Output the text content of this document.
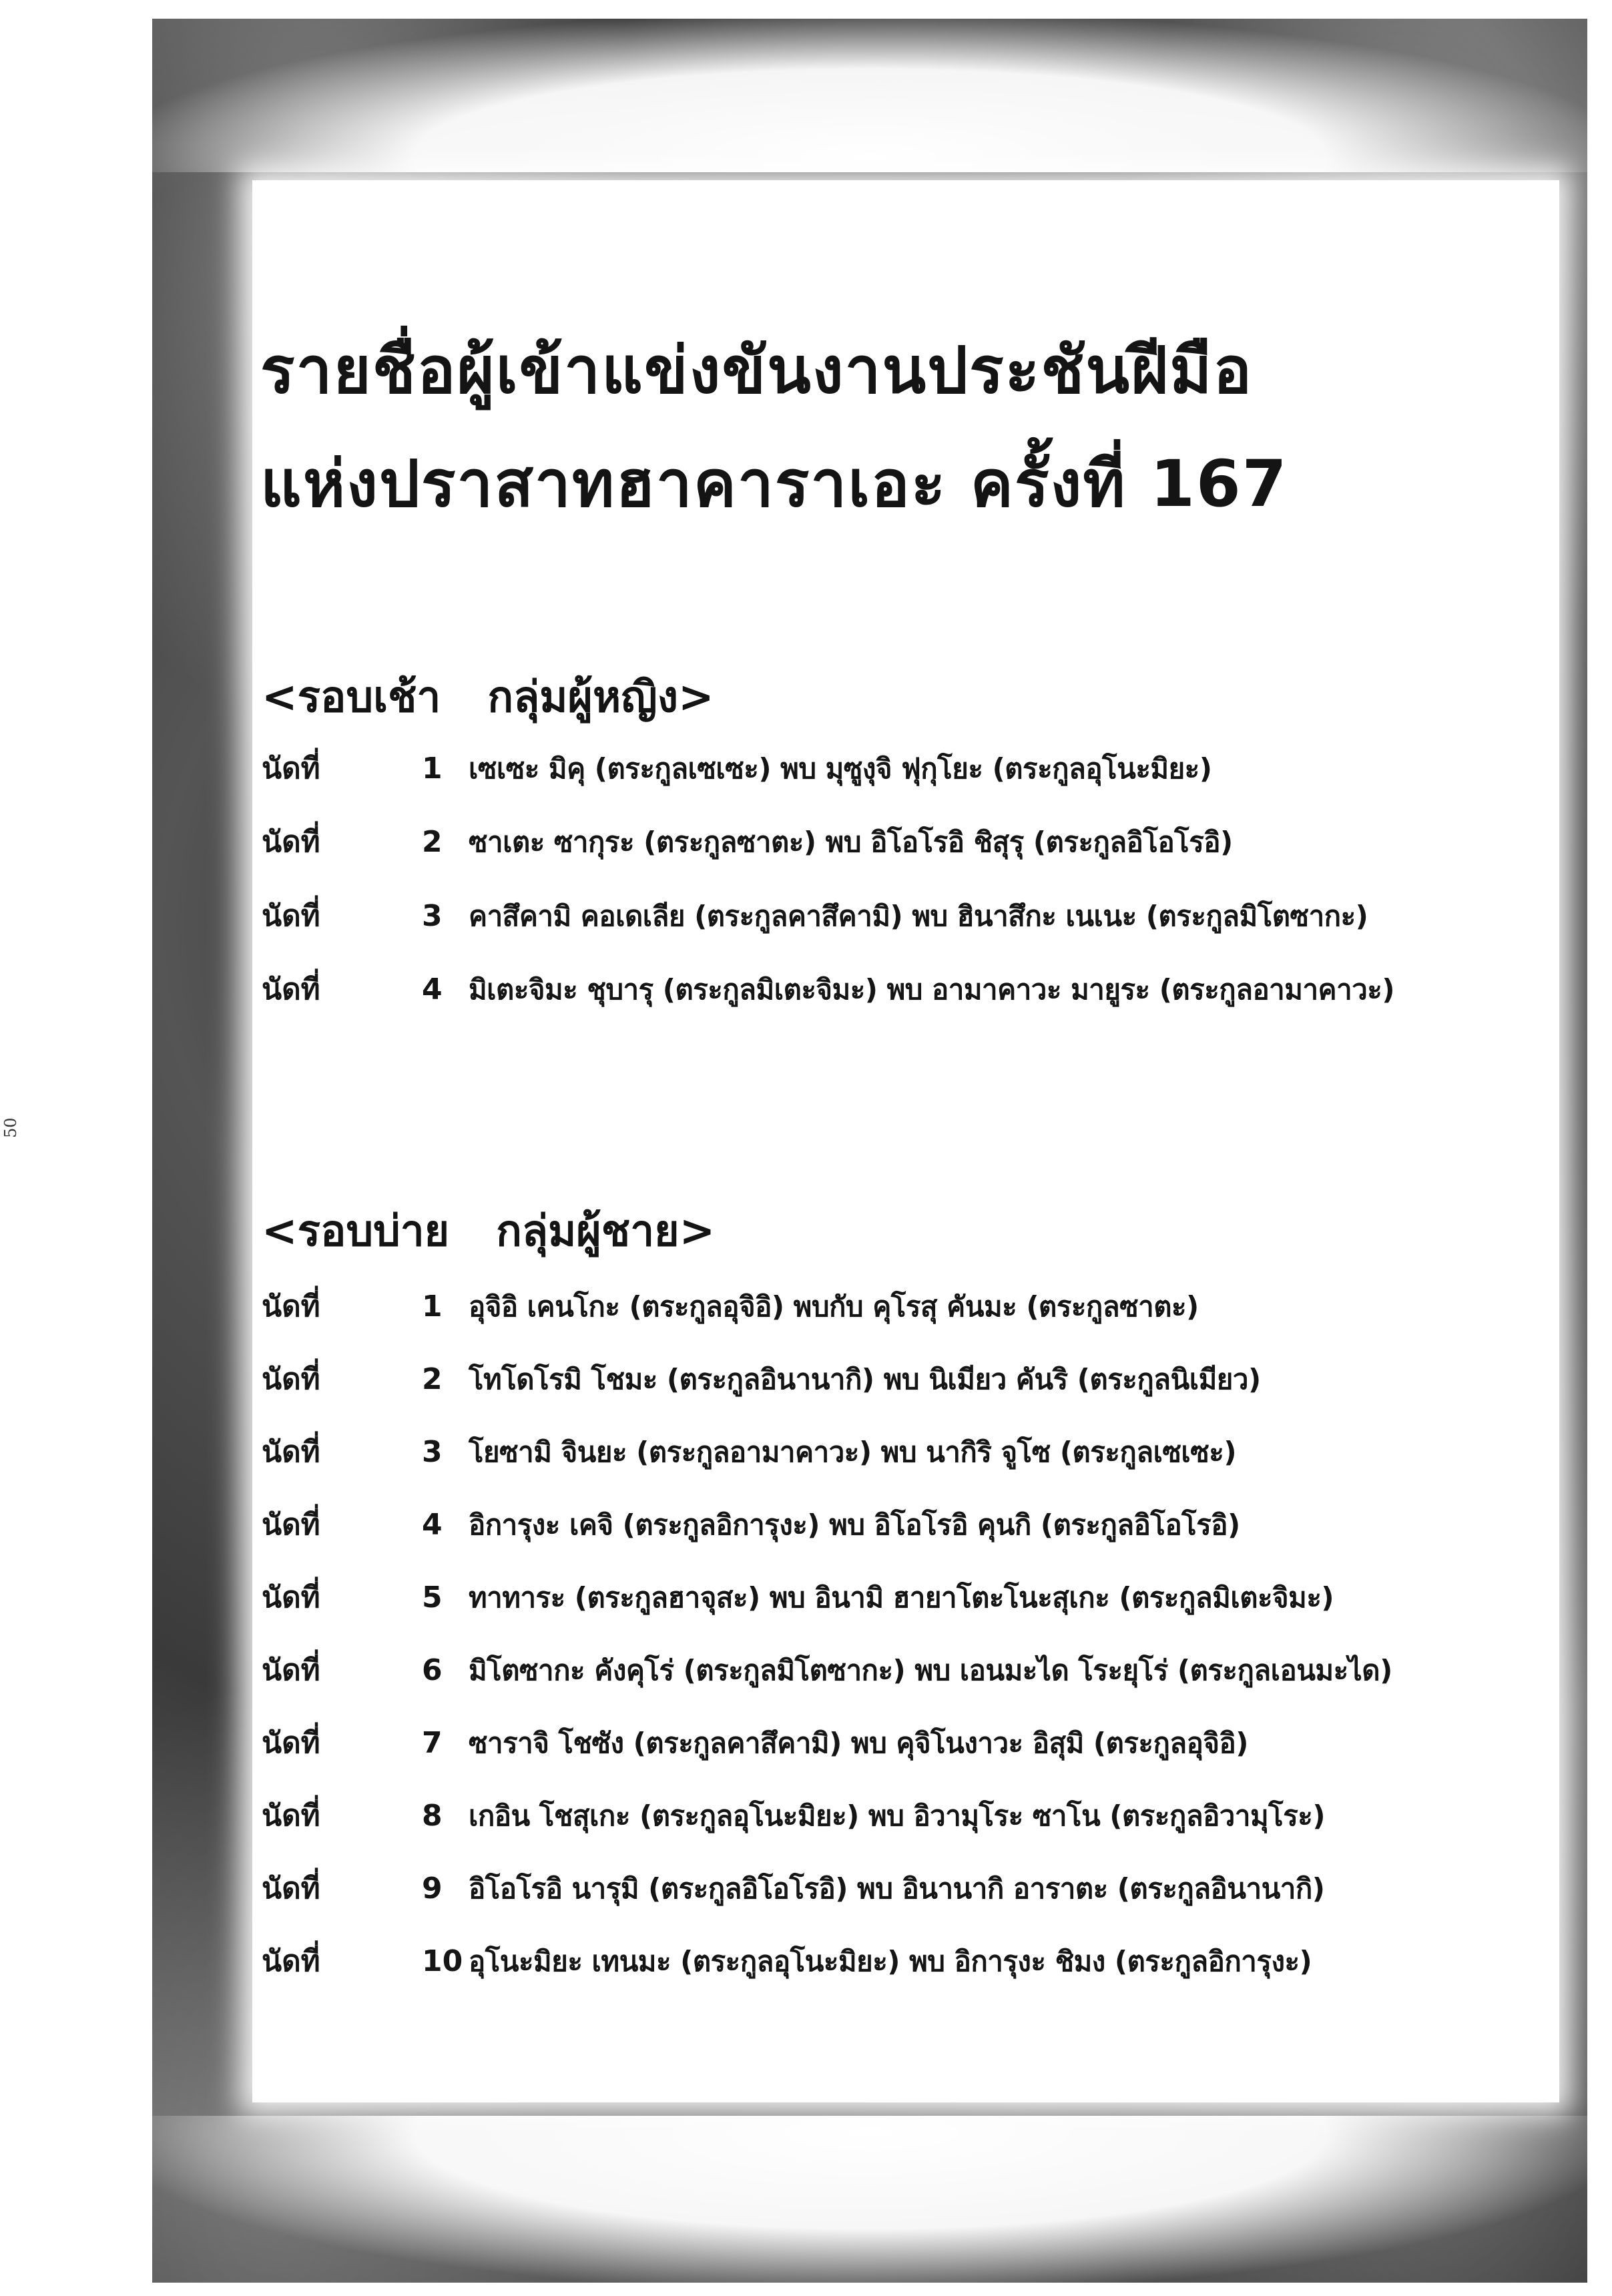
50
รายชื่อผู้เข้าแข่งขันงานประชันฝีมือ
แห่งปราสาทฮาคาราเอะ ครั้งที่ 167
<รอบเช้า กลุ่มผู้หญิง>
นัดที่	1 เซเซะ มิคุ (ตระกูลเซเซะ) พบ มุซูงุจิ ฟุกุโยะ (ตระกูลอุโนะมิยะ)
นัดที่	2 ซาเตะ ซากุระ (ตระกูลซาตะ) พบ อิโอโรอิ ชิสุรุ (ตระกูลอิโอโรอิ)
นัดที่	3 คาสึคามิ คอเดเลีย (ตระกูลคาสึคามิ) พบ ฮินาสึกะ เนเนะ (ตระกูลมิโตซากะ)
นัดที่	4 มิเตะจิมะ ชุบารุ (ตระกูลมิเตะจิมะ) พบ อามาคาวะ มายูระ (ตระกูลอามาคาวะ)
<รอบบ่าย กลุ่มผู้ชาย>
นัดที่	1 อุจิอิ เคนโกะ (ตระกูลอุจิอิ) พบกับ คุโรสุ คันมะ (ตระกูลซาตะ)
นัดที่	2 โทโดโรมิ โชมะ (ตระกูลอินานากิ) พบ นิเมียว คันริ (ตระกูลนิเมียว)
นัดที่	3 โยซามิ จินยะ (ตระกูลอามาคาวะ) พบ นากิริ จูโซ (ตระกูลเซเซะ)
นัดที่	4 อิการุงะ เคจิ (ตระกูลอิการุงะ) พบ อิโอโรอิ คุนกิ (ตระกูลอิโอโรอิ)
นัดที่	5 ทาทาระ (ตระกูลฮาจุสะ) พบ อินามิ ฮายาโตะโนะสุเกะ (ตระกูลมิเตะจิมะ)
นัดที่	6 มิโตซากะ คังคุโร่ (ตระกูลมิโตซากะ) พบ เอนมะได โระยุโร่ (ตระกูลเอนมะได)
นัดที่	7 ซาราจิ โชซัง (ตระกูลคาสึคามิ) พบ คุจิโนงาวะ อิสุมิ (ตระกูลอุจิอิ)
นัดที่	8 เกอิน โชสุเกะ (ตระกูลอุโนะมิยะ) พบ อิวามุโระ ซาโน (ตระกูลอิวามุโระ)
นัดที่	9 อิโอโรอิ นารุมิ (ตระกูลอิโอโรอิ) พบ อินานากิ อาราตะ (ตระกูลอินานากิ)
นัดที่	10 อุโนะมิยะ เทนมะ (ตระกูลอุโนะมิยะ) พบ อิการุงะ ชิมง (ตระกูลอิการุงะ)
